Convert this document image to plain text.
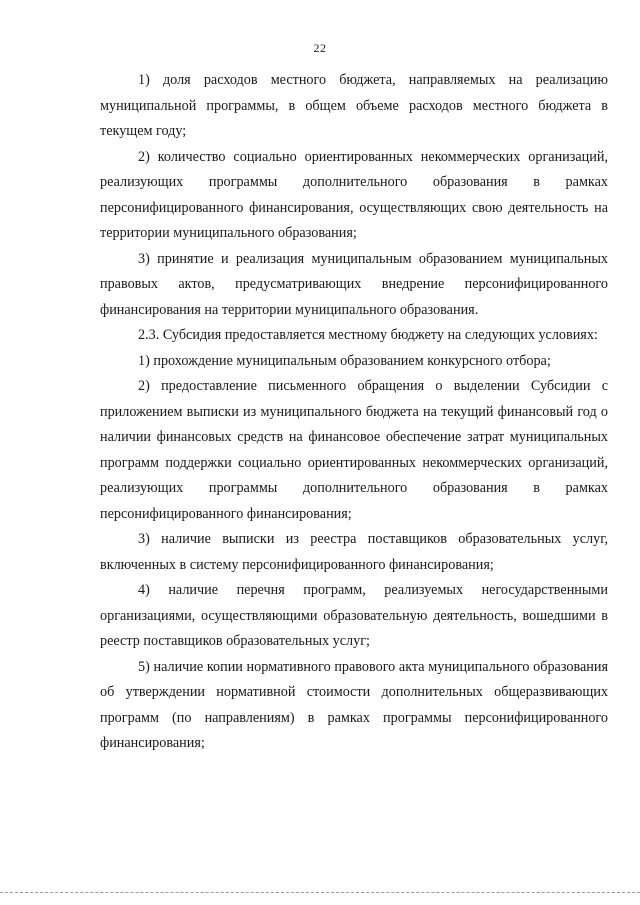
22

1) доля расходов местного бюджета, направляемых на реализацию муниципальной программы, в общем объеме расходов местного бюджета в текущем году;

2) количество социально ориентированных некоммерческих организаций, реализующих программы дополнительного образования в рамках персонифицированного финансирования, осуществляющих свою деятельность на территории муниципального образования;

3) принятие и реализация муниципальным образованием муниципальных правовых актов, предусматривающих внедрение персонифицированного финансирования на территории муниципального образования.

2.3. Субсидия предоставляется местному бюджету на следующих условиях:

1) прохождение муниципальным образованием конкурсного отбора;

2) предоставление письменного обращения о выделении Субсидии с приложением выписки из муниципального бюджета на текущий финансовый год о наличии финансовых средств на финансовое обеспечение затрат муниципальных программ поддержки социально ориентированных некоммерческих организаций, реализующих программы дополнительного образования в рамках персонифицированного финансирования;

3) наличие выписки из реестра поставщиков образовательных услуг, включенных в систему персонифицированного финансирования;

4) наличие перечня программ, реализуемых негосударственными организациями, осуществляющими образовательную деятельность, вошедшими в реестр поставщиков образовательных услуг;

5) наличие копии нормативного правового акта муниципального образования об утверждении нормативной стоимости дополнительных общеразвивающих программ (по направлениям) в рамках программы персонифицированного финансирования;
